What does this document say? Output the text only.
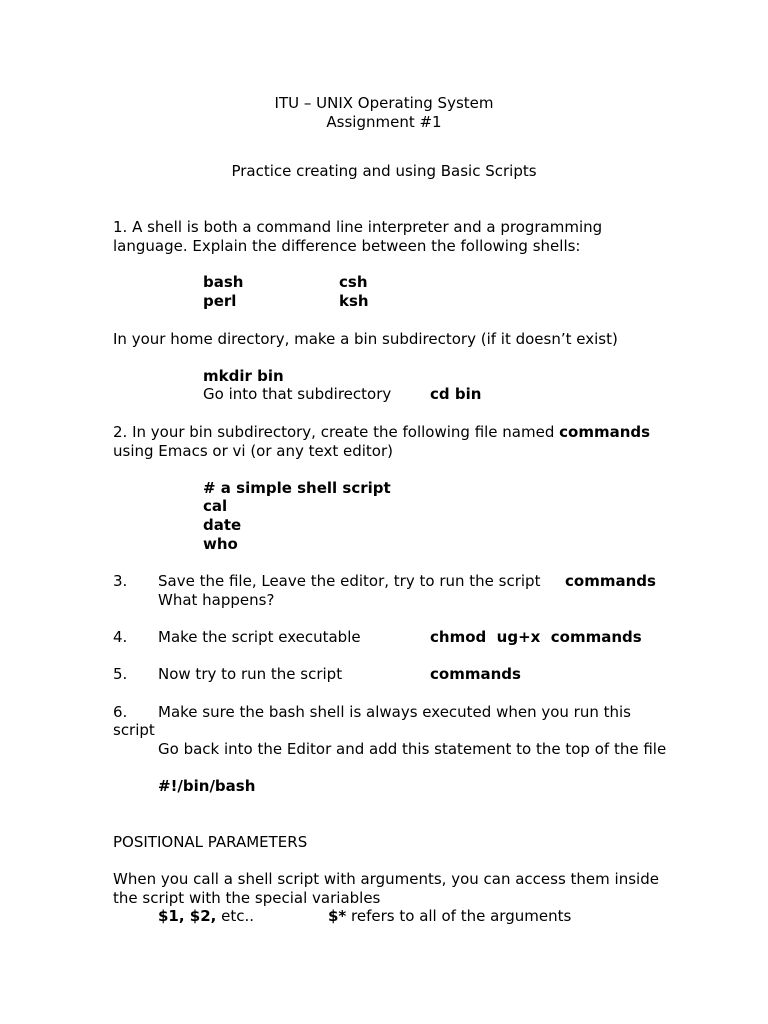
ITU – UNIX Operating System
Assignment #1
Practice creating and using Basic Scripts
1. A shell is both a command line interpreter and a programming
language. Explain the difference between the following shells:
bash	csh
perl	ksh
In your home directory, make a bin subdirectory (if it doesn’t exist)
mkdir bin
Go into that subdirectory	cd bin
2. In your bin subdirectory, create the following file named commands
using Emacs or vi (or any text editor)
# a simple shell script
cal
date
who
3. Save the file, Leave the editor, try to run the script commands
What happens?
4. Make the script executable	chmod  ug+x  commands
5. Now try to run the script	commands
6. Make sure the bash shell is always executed when you run this
script
Go back into the Editor and add this statement to the top of the file
#!/bin/bash
POSITIONAL PARAMETERS
When you call a shell script with arguments, you can access them inside
the script with the special variables
$1, $2, etc..	$* refers to all of the arguments
